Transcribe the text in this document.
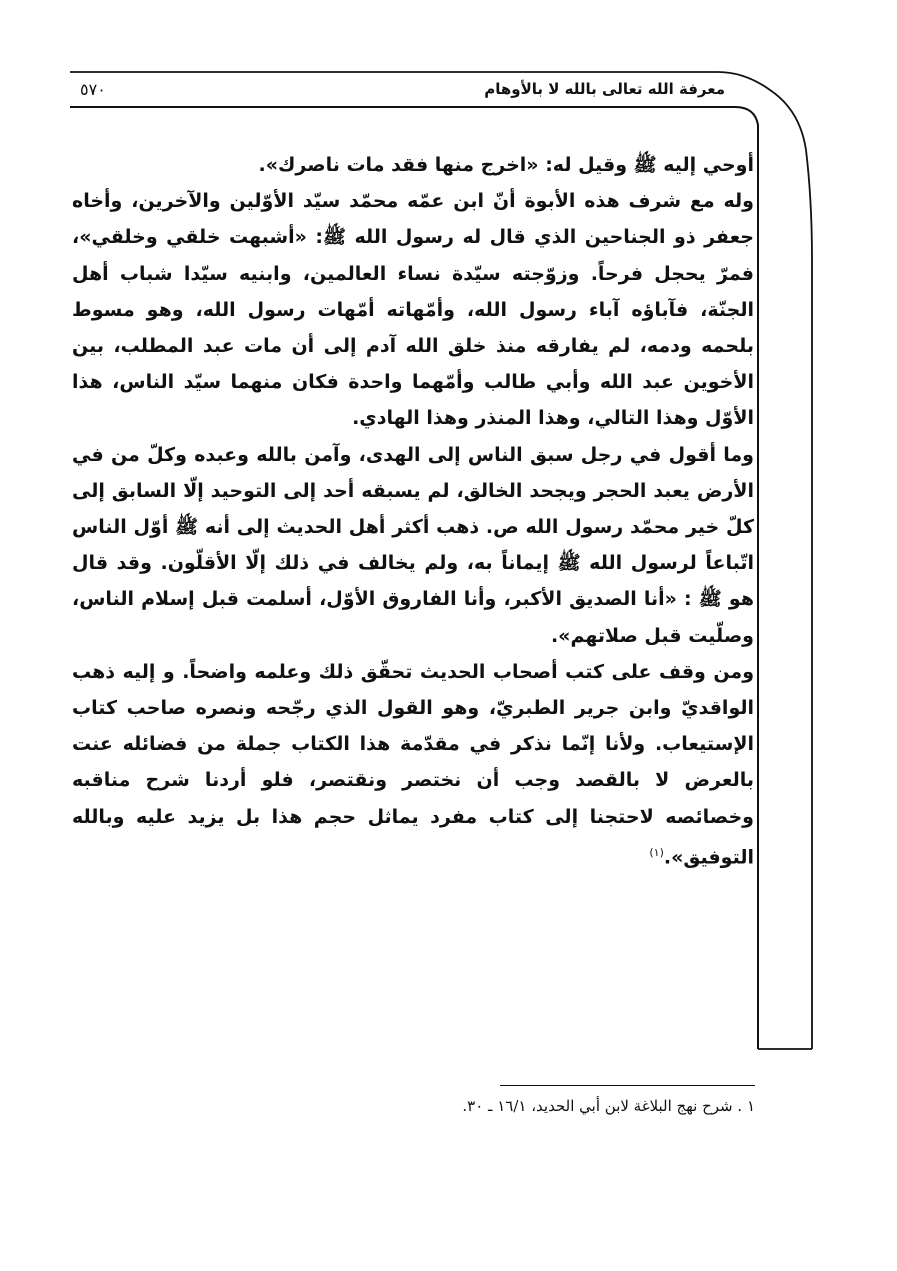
معرفة الله تعالى بالله لا بالأوهام
٥٧٠

أوحي إليه ﷺ وقيل له: «اخرج منها فقد مات ناصرك».

وله مع شرف هذه الأبوة أنّ ابن عمّه محمّد سيّد الأوّلين والآخرين، وأخاه جعفر ذو الجناحين الذي قال له رسول الله ﷺ: «أشبهت خلقي وخلقي»، فمرّ يحجل فرحاً. وزوّجته سيّدة نساء العالمين، وابنيه سيّدا شباب أهل الجنّة، فآباؤه آباء رسول الله، وأمّهاته أمّهات رسول الله، وهو مسوط بلحمه ودمه، لم يفارقه منذ خلق الله آدم إلى أن مات عبد المطلب، بين الأخوين عبد الله وأبي طالب وأمّهما واحدة فكان منهما سيّد الناس، هذا الأوّل وهذا التالي، وهذا المنذر وهذا الهادي.

وما أقول في رجل سبق الناس إلى الهدى، وآمن بالله وعبده وكلّ من في الأرض يعبد الحجر ويجحد الخالق، لم يسبقه أحد إلى التوحيد إلّا السابق إلى كلّ خير محمّد رسول الله ص. ذهب أكثر أهل الحديث إلى أنه ﷺ أوّل الناس اتّباعاً لرسول الله ﷺ إيماناً به، ولم يخالف في ذلك إلّا الأقلّون. وقد قال هو ﷺ : «أنا الصديق الأكبر، وأنا الفاروق الأوّل، أسلمت قبل إسلام الناس، وصلّيت قبل صلاتهم».

ومن وقف على كتب أصحاب الحديث تحقّق ذلك وعلمه واضحاً. و إليه ذهب الواقديّ وابن جرير الطبريّ، وهو القول الذي رجّحه ونصره صاحب كتاب الإستيعاب. ولأنا إنّما نذكر في مقدّمة هذا الكتاب جملة من فضائله عنت بالعرض لا بالقصد وجب أن نختصر ونقتصر، فلو أردنا شرح مناقبه وخصائصه لاحتجنا إلى كتاب مفرد يماثل حجم هذا بل يزيد عليه وبالله التوفيق».$^{(١)}$

١ . شرح نهج البلاغة لابن أبي الحديد، ١٦/١ ـ ٣٠.
